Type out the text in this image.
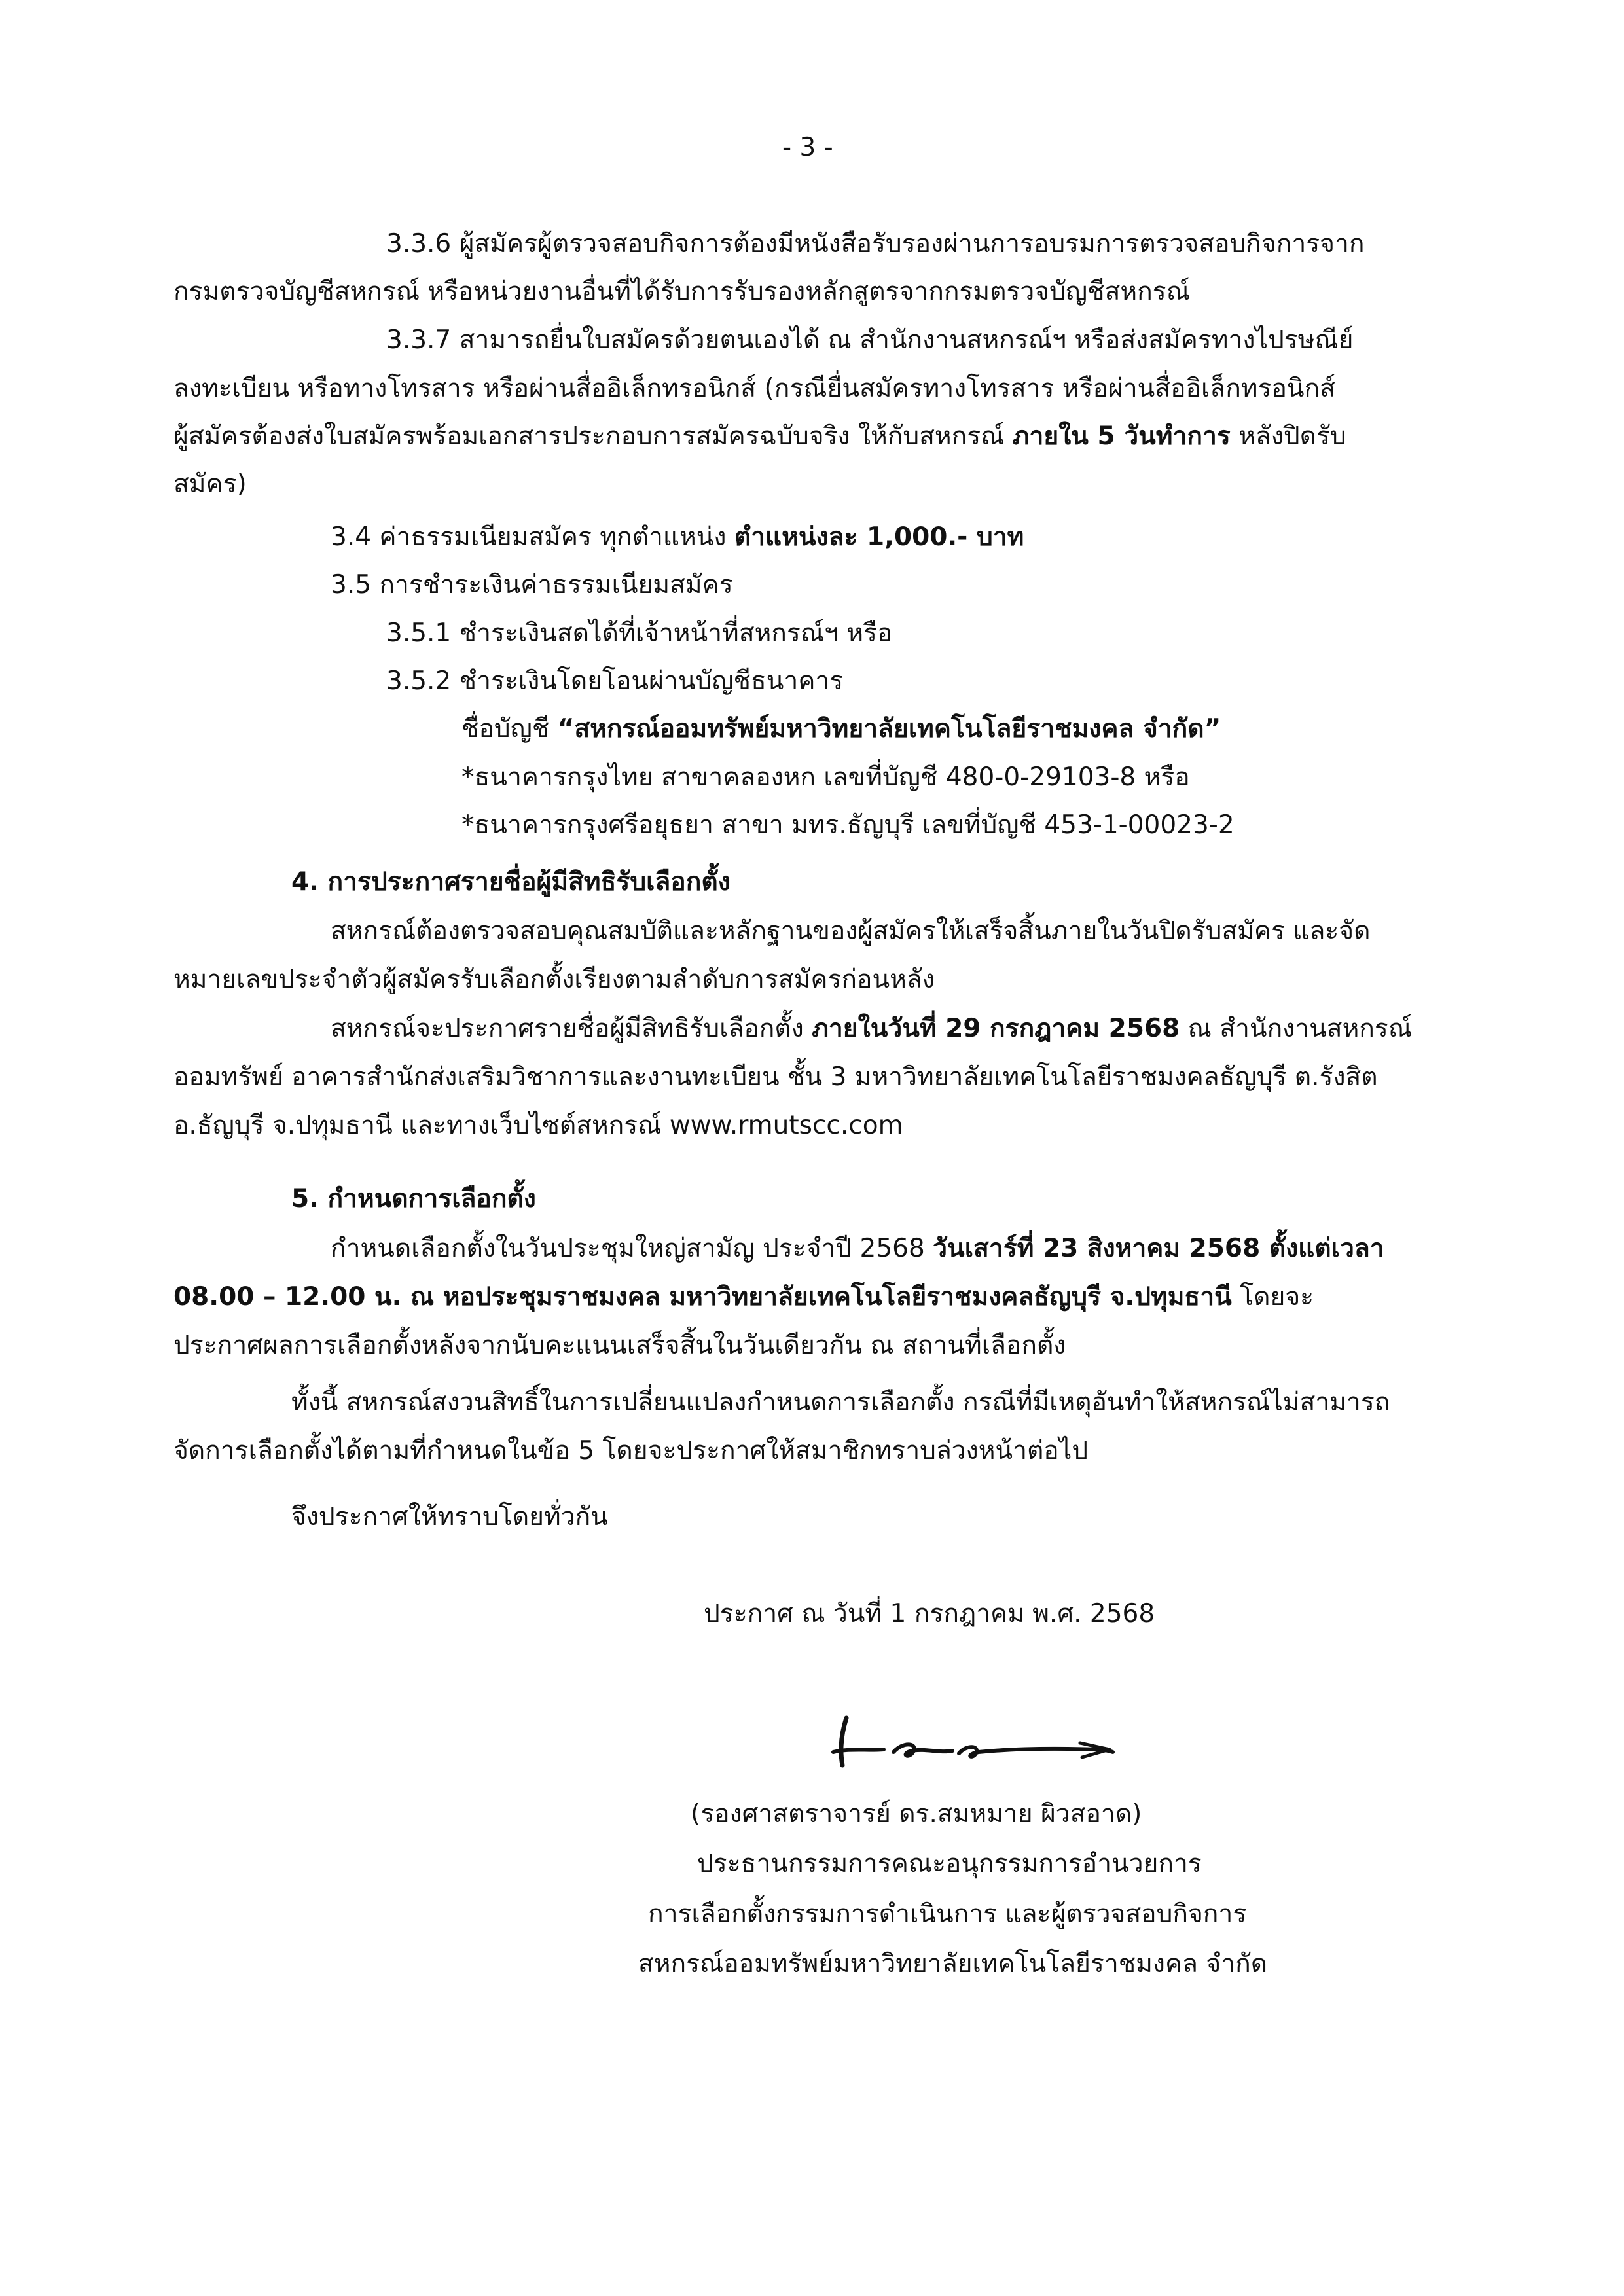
- 3 -
3.3.6 ผู้สมัครผู้ตรวจสอบกิจการต้องมีหนังสือรับรองผ่านการอบรมการตรวจสอบกิจการจาก
กรมตรวจบัญชีสหกรณ์ หรือหน่วยงานอื่นที่ได้รับการรับรองหลักสูตรจากกรมตรวจบัญชีสหกรณ์
3.3.7 สามารถยื่นใบสมัครด้วยตนเองได้ ณ สำนักงานสหกรณ์ฯ หรือส่งสมัครทางไปรษณีย์
ลงทะเบียน หรือทางโทรสาร หรือผ่านสื่ออิเล็กทรอนิกส์ (กรณียื่นสมัครทางโทรสาร หรือผ่านสื่ออิเล็กทรอนิกส์
ผู้สมัครต้องส่งใบสมัครพร้อมเอกสารประกอบการสมัครฉบับจริง ให้กับสหกรณ์ ภายใน 5 วันทำการ หลังปิดรับ
สมัคร)
3.4 ค่าธรรมเนียมสมัคร ทุกตำแหน่ง ตำแหน่งละ 1,000.- บาท
3.5 การชำระเงินค่าธรรมเนียมสมัคร
3.5.1 ชำระเงินสดได้ที่เจ้าหน้าที่สหกรณ์ฯ หรือ
3.5.2 ชำระเงินโดยโอนผ่านบัญชีธนาคาร
ชื่อบัญชี “สหกรณ์ออมทรัพย์มหาวิทยาลัยเทคโนโลยีราชมงคล จำกัด”
*ธนาคารกรุงไทย สาขาคลองหก เลขที่บัญชี 480-0-29103-8 หรือ
*ธนาคารกรุงศรีอยุธยา สาขา มทร.ธัญบุรี เลขที่บัญชี 453-1-00023-2
4. การประกาศรายชื่อผู้มีสิทธิรับเลือกตั้ง
สหกรณ์ต้องตรวจสอบคุณสมบัติและหลักฐานของผู้สมัครให้เสร็จสิ้นภายในวันปิดรับสมัคร และจัด
หมายเลขประจำตัวผู้สมัครรับเลือกตั้งเรียงตามลำดับการสมัครก่อนหลัง
สหกรณ์จะประกาศรายชื่อผู้มีสิทธิรับเลือกตั้ง ภายในวันที่ 29 กรกฎาคม 2568 ณ สำนักงานสหกรณ์
ออมทรัพย์ อาคารสำนักส่งเสริมวิชาการและงานทะเบียน ชั้น 3 มหาวิทยาลัยเทคโนโลยีราชมงคลธัญบุรี ต.รังสิต
อ.ธัญบุรี จ.ปทุมธานี และทางเว็บไซต์สหกรณ์ www.rmutscc.com
5. กำหนดการเลือกตั้ง
กำหนดเลือกตั้งในวันประชุมใหญ่สามัญ ประจำปี 2568 วันเสาร์ที่ 23 สิงหาคม 2568 ตั้งแต่เวลา
08.00 – 12.00 น. ณ หอประชุมราชมงคล มหาวิทยาลัยเทคโนโลยีราชมงคลธัญบุรี จ.ปทุมธานี โดยจะ
ประกาศผลการเลือกตั้งหลังจากนับคะแนนเสร็จสิ้นในวันเดียวกัน ณ สถานที่เลือกตั้ง
ทั้งนี้ สหกรณ์สงวนสิทธิ์ในการเปลี่ยนแปลงกำหนดการเลือกตั้ง กรณีที่มีเหตุอันทำให้สหกรณ์ไม่สามารถ
จัดการเลือกตั้งได้ตามที่กำหนดในข้อ 5 โดยจะประกาศให้สมาชิกทราบล่วงหน้าต่อไป
จึงประกาศให้ทราบโดยทั่วกัน
ประกาศ ณ วันที่ 1 กรกฎาคม พ.ศ. 2568
(รองศาสตราจารย์ ดร.สมหมาย ผิวสอาด)
ประธานกรรมการคณะอนุกรรมการอำนวยการ
การเลือกตั้งกรรมการดำเนินการ และผู้ตรวจสอบกิจการ
สหกรณ์ออมทรัพย์มหาวิทยาลัยเทคโนโลยีราชมงคล จำกัด
